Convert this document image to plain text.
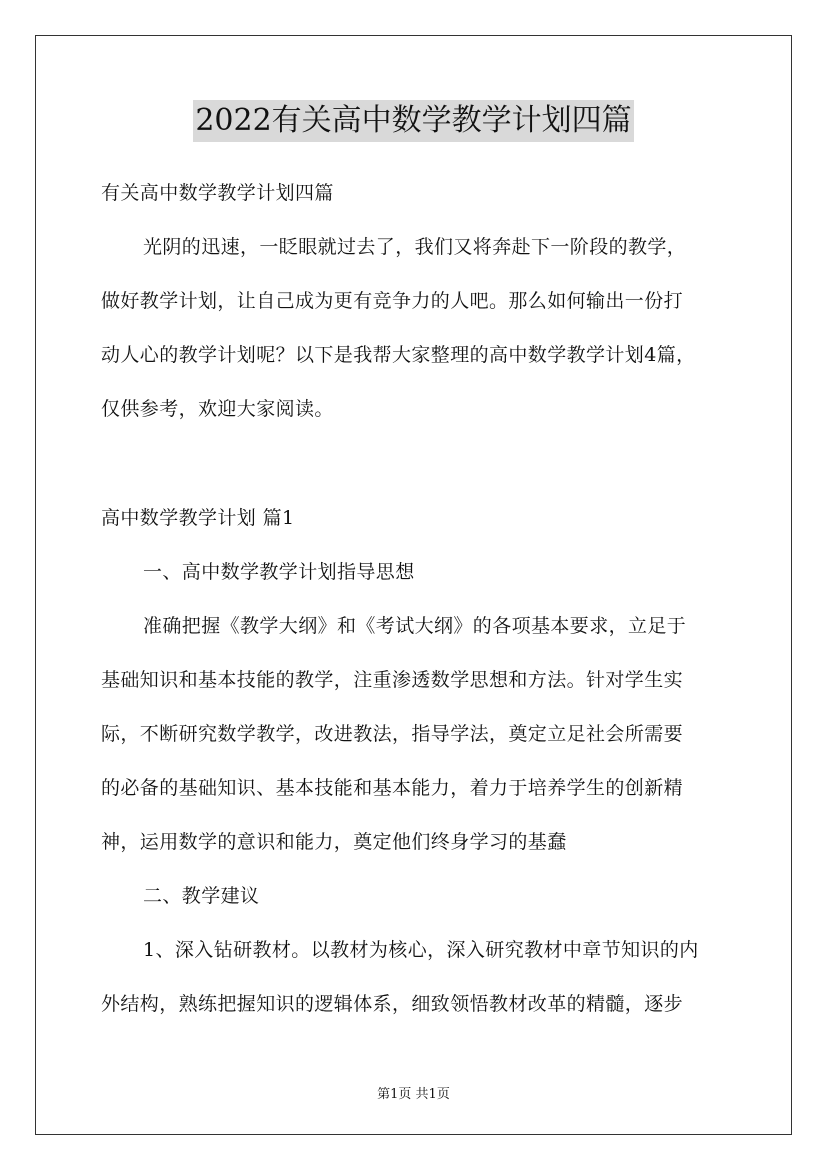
2022有关高中数学教学计划四篇
有关高中数学教学计划四篇
光阴的迅速，一眨眼就过去了，我们又将奔赴下一阶段的教学，
做好教学计划，让自己成为更有竞争力的人吧。那么如何输出一份打
动人心的教学计划呢？以下是我帮大家整理的高中数学教学计划4篇，
仅供参考，欢迎大家阅读。
高中数学教学计划 篇1
一、高中数学教学计划指导思想
准确把握《教学大纲》和《考试大纲》的各项基本要求，立足于
基础知识和基本技能的教学，注重渗透数学思想和方法。针对学生实
际，不断研究数学教学，改进教法，指导学法，奠定立足社会所需要
的必备的基础知识、基本技能和基本能力，着力于培养学生的创新精
神，运用数学的意识和能力，奠定他们终身学习的基蠢
二、教学建议
1、深入钻研教材。以教材为核心，深入研究教材中章节知识的内
外结构，熟练把握知识的逻辑体系，细致领悟教材改革的精髓，逐步
第1页 共1页
